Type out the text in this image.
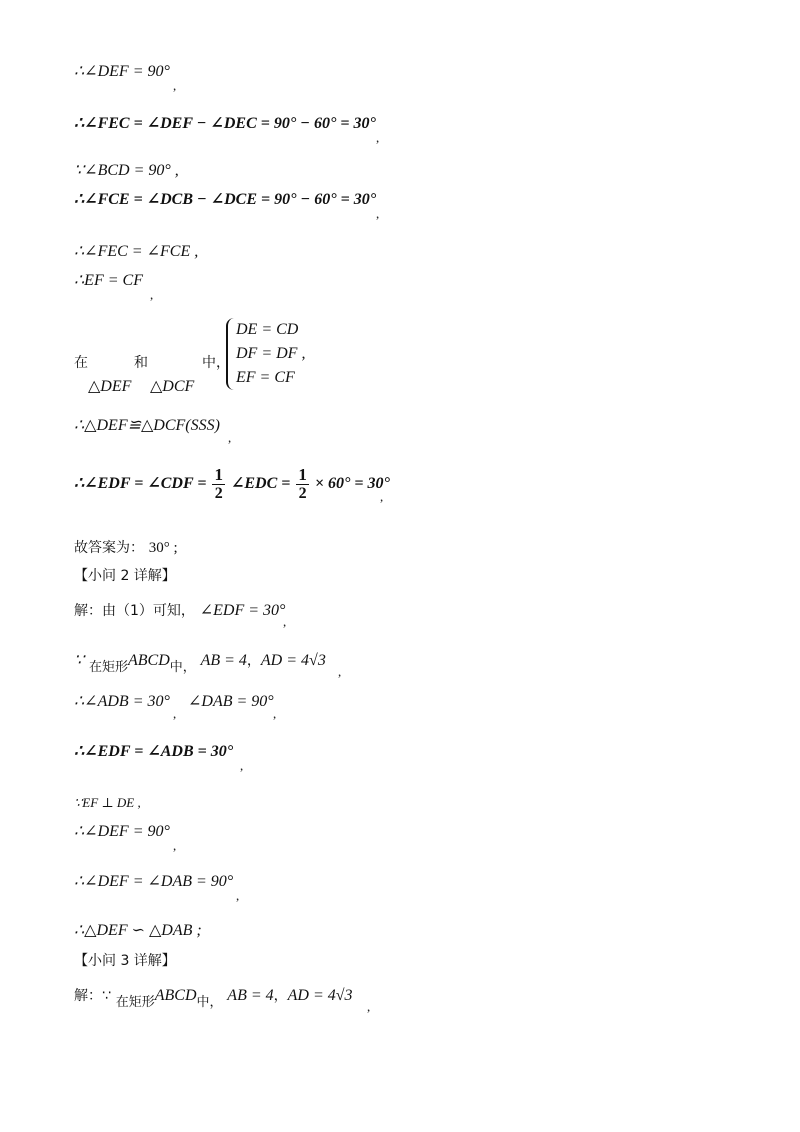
∴∠DEF = 90°
,
∴∠FEC = ∠DEF − ∠DEC = 90° − 60° = 30°
,
∵∠BCD = 90° ,
∴∠FCE = ∠DCB − ∠DCE = 90° − 60° = 30°
,
∴∠FEC = ∠FCE ,
∴EF = CF
,
在	和	中，
△DEF △DCF
DE = CD
DF = DF ,
EF = CF
∴△DEF≌△DCF(SSS)
,
∴∠EDF = ∠CDF = $\frac{1}{2}$ ∠EDC = $\frac{1}{2} \times 60^\circ = 30^\circ$
,
故答案为： 30° ;
【小问 2 详解】
解：由（1）可知， ∠EDF = 30°
,
∵ 在矩形ABCD中， AB = 4，AD = 4√3
,
∴∠ADB = 30°
,
∠DAB = 90°
,
∴∠EDF = ∠ADB = 30°
,
∵EF ⊥ DE ,
∴∠DEF = 90°
,
∴∠DEF = ∠DAB = 90°
,
∴△DEF ∽ △DAB ;
【小问 3 详解】
解：∵ 在矩形ABCD中， AB = 4，AD = 4√3
,
